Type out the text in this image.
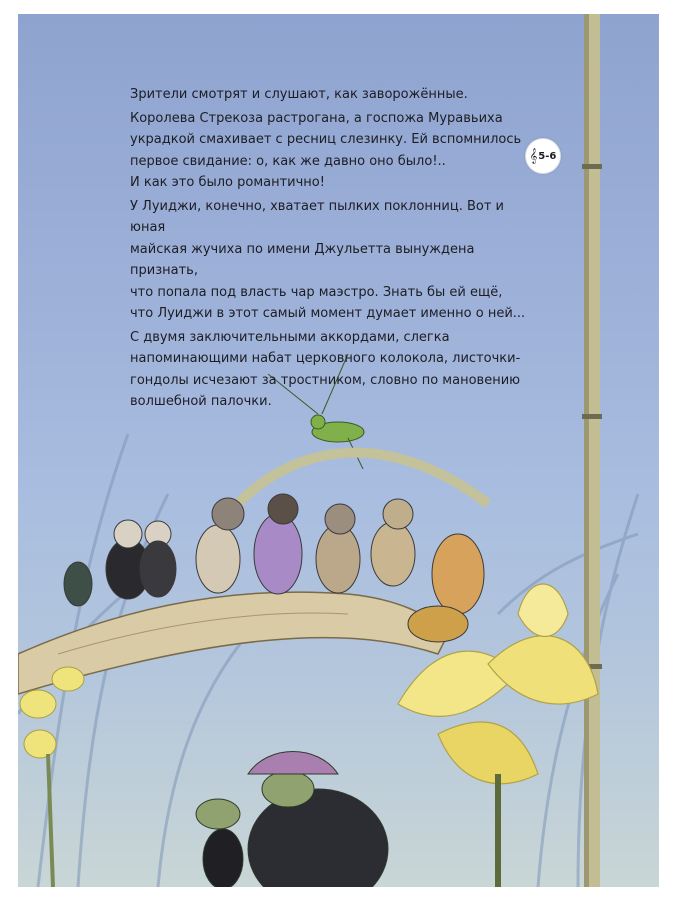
Зрители смотрят и слушают, как заворожённые.

Королева Стрекоза растрогана, а госпожа Муравьиха
украдкой смахивает с ресниц слезинку. Ей вспомнилось
первое свидание: о, как же давно оно было!..
И как это было романтично!

У Луиджи, конечно, хватает пылких поклонниц. Вот и юная
майская жучиха по имени Джульетта вынуждена признать,
что попала под власть чар маэстро. Знать бы ей ещё,
что Луиджи в этот самый момент думает именно о ней...

С двумя заключительными аккордами, слегка
напоминающими набат церковного колокола, листочки-
гондолы исчезают за тростником, словно по мановению
волшебной палочки.

𝄞 5-6
